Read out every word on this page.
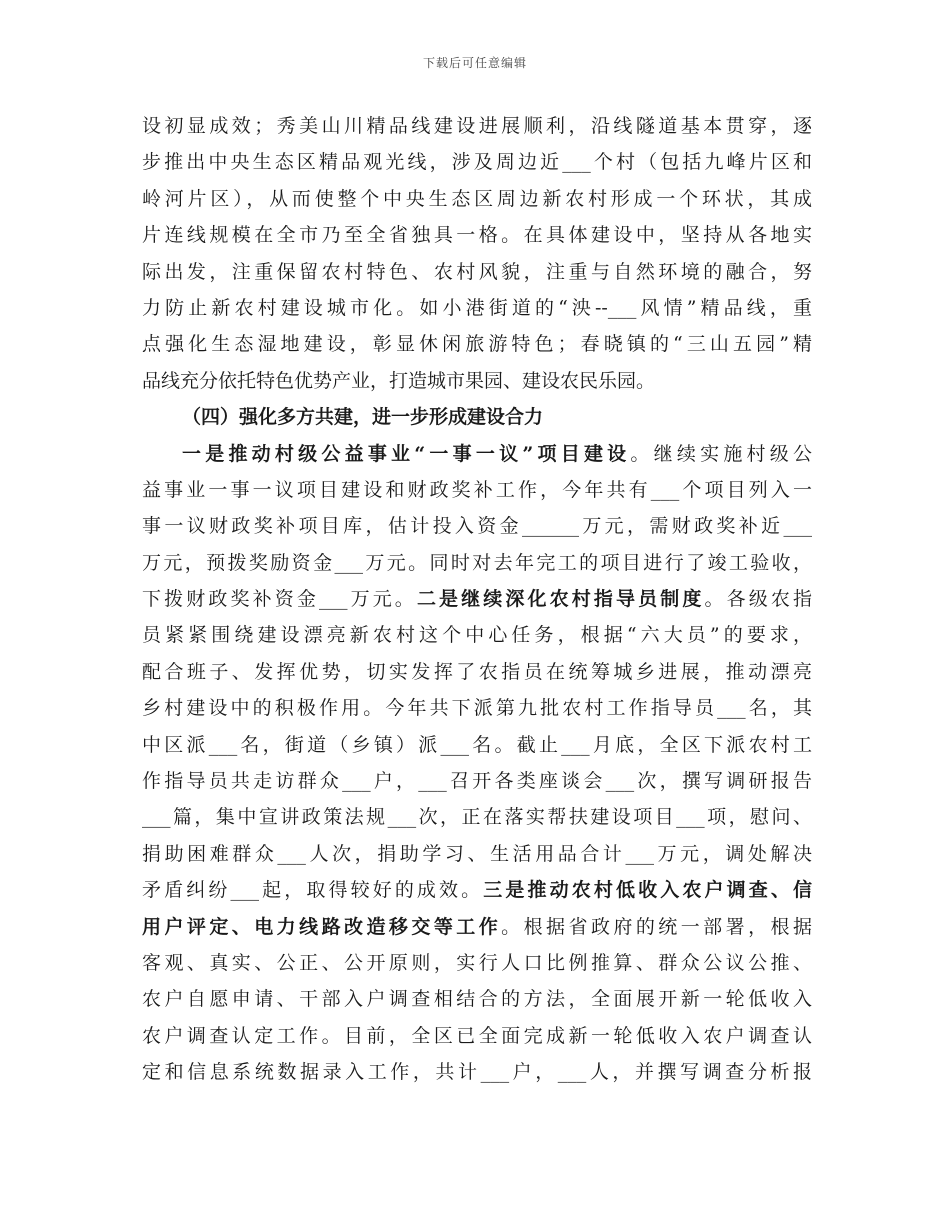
下载后可任意编辑
设初显成效；秀美山川精品线建设进展顺利，沿线隧道基本贯穿，逐
步推出中央生态区精品观光线，涉及周边近___个村（包括九峰片区和
岭河片区），从而使整个中央生态区周边新农村形成一个环状，其成
片连线规模在全市乃至全省独具一格。在具体建设中，坚持从各地实
际出发，注重保留农村特色、农村风貌，注重与自然环境的融合，努
力防止新农村建设城市化。如小港街道的“泱--___风情”精品线，重
点强化生态湿地建设，彰显休闲旅游特色；春晓镇的“三山五园”精
品线充分依托特色优势产业，打造城市果园、建设农民乐园。
（四）强化多方共建，进一步形成建设合力
一是推动村级公益事业“一事一议”项目建设。继续实施村级公
益事业一事一议项目建设和财政奖补工作，今年共有___个项目列入一
事一议财政奖补项目库，估计投入资金______万元，需财政奖补近___
万元，预拨奖励资金___万元。同时对去年完工的项目进行了竣工验收，
下拨财政奖补资金___万元。二是继续深化农村指导员制度。各级农指
员紧紧围绕建设漂亮新农村这个中心任务，根据“六大员”的要求，
配合班子、发挥优势，切实发挥了农指员在统筹城乡进展，推动漂亮
乡村建设中的积极作用。今年共下派第九批农村工作指导员___名，其
中区派___名，街道（乡镇）派___名。截止___月底，全区下派农村工
作指导员共走访群众___户，___召开各类座谈会___次，撰写调研报告
___篇，集中宣讲政策法规___次，正在落实帮扶建设项目___项，慰问、
捐助困难群众___人次，捐助学习、生活用品合计___万元，调处解决
矛盾纠纷___起，取得较好的成效。三是推动农村低收入农户调查、信
用户评定、电力线路改造移交等工作。根据省政府的统一部署，根据
客观、真实、公正、公开原则，实行人口比例推算、群众公议公推、
农户自愿申请、干部入户调查相结合的方法，全面展开新一轮低收入
农户调查认定工作。目前，全区已全面完成新一轮低收入农户调查认
定和信息系统数据录入工作，共计___户，___人，并撰写调查分析报
